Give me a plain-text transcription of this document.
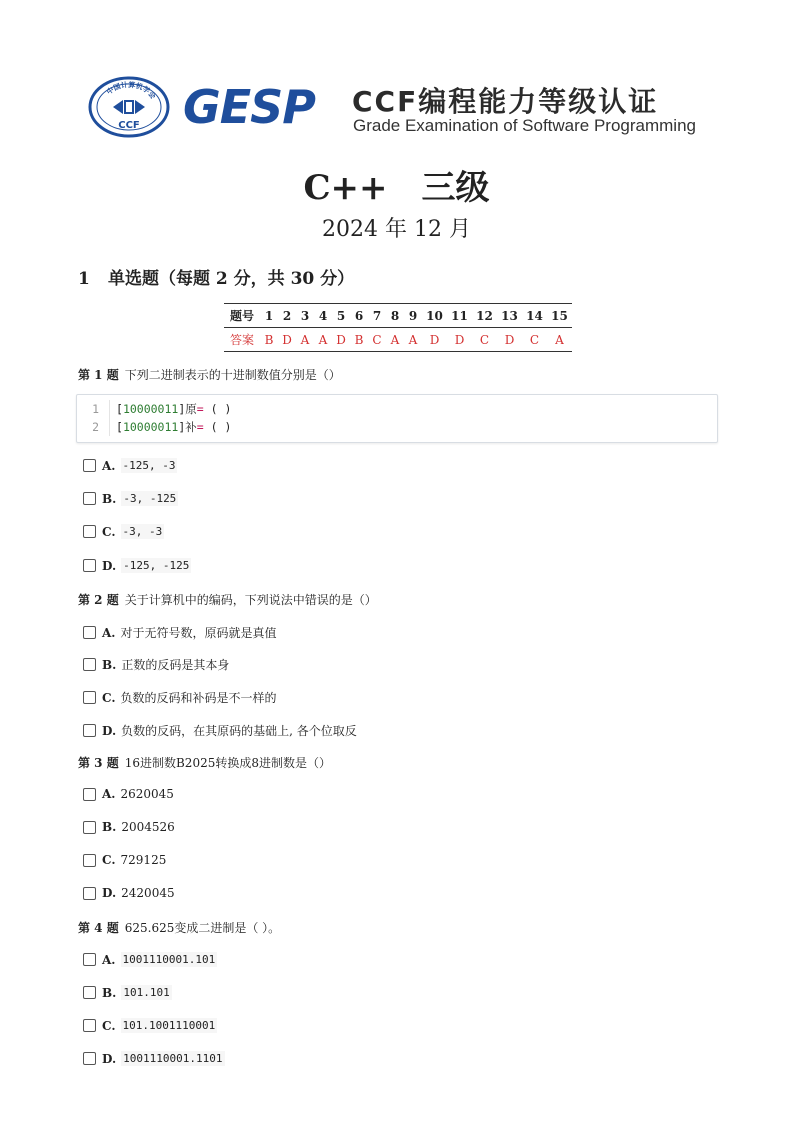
中国计算机学会
CCF GESP CCF编程能力等级认证
Grade Examination of Software Programming
C++　三级
2024 年 12 月
1 单选题（每题 2 分，共 30 分）
题号	1	2	3	4	5	6	7	8	9	10	11	12	13	14	15
答案	B	D	A	A	D	B	C	A	A	D	D	C	D	C	A
第 1 题 下列二进制表示的十进制数值分别是（）
1 [10000011]原= ( )
2 [10000011]补= ( )
A. -125, -3
B. -3, -125
C. -3, -3
D. -125, -125
第 2 题 关于计算机中的编码，下列说法中错误的是（）
A. 对于无符号数，原码就是真值
B. 正数的反码是其本身
C. 负数的反码和补码是不一样的
D. 负数的反码，在其原码的基础上, 各个位取反
第 3 题 16进制数B2025转换成8进制数是（）
A. 2620045
B. 2004526
C. 729125
D. 2420045
第 4 题 625.625变成二进制是（ ）。
A. 1001110001.101
B. 101.101
C. 101.1001110001
D. 1001110001.1101
